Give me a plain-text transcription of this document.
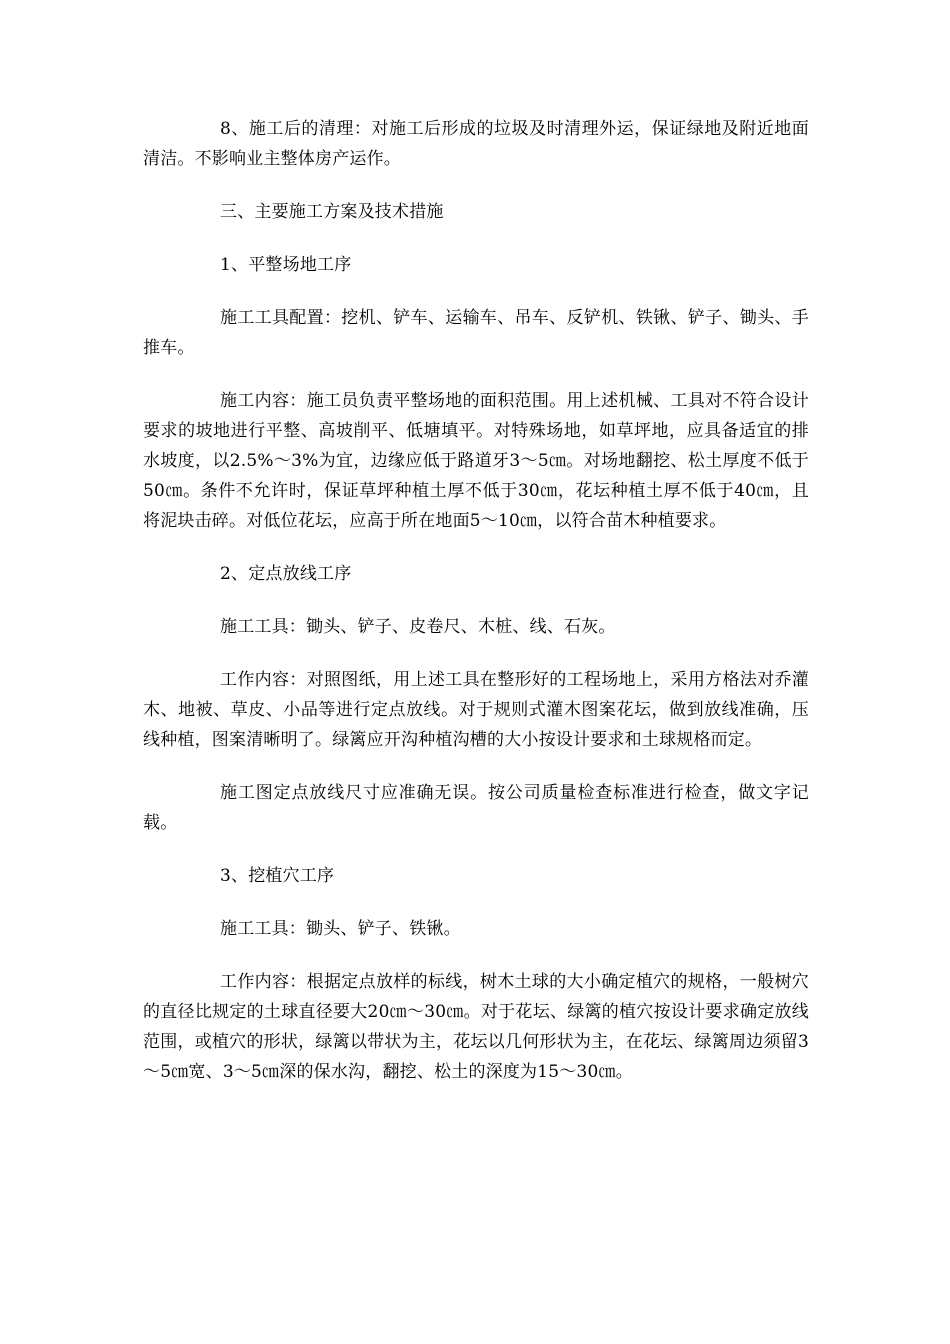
8、施工后的清理：对施工后形成的垃圾及时清理外运，保证绿地及附近地面清洁。不影响业主整体房产运作。

三、主要施工方案及技术措施

1、平整场地工序

施工工具配置：挖机、铲车、运输车、吊车、反铲机、铁锹、铲子、锄头、手推车。

施工内容：施工员负责平整场地的面积范围。用上述机械、工具对不符合设计要求的坡地进行平整、高坡削平、低塘填平。对特殊场地，如草坪地，应具备适宜的排水坡度，以2.5%～3%为宜，边缘应低于路道牙3～5㎝。对场地翻挖、松土厚度不低于50㎝。条件不允许时，保证草坪种植土厚不低于30㎝，花坛种植土厚不低于40㎝，且将泥块击碎。对低位花坛，应高于所在地面5～10㎝，以符合苗木种植要求。

2、定点放线工序

施工工具：锄头、铲子、皮卷尺、木桩、线、石灰。

工作内容：对照图纸，用上述工具在整形好的工程场地上，采用方格法对乔灌木、地被、草皮、小品等进行定点放线。对于规则式灌木图案花坛，做到放线准确，压线种植，图案清晰明了。绿篱应开沟种植沟槽的大小按设计要求和土球规格而定。

施工图定点放线尺寸应准确无误。按公司质量检查标准进行检查，做文字记载。

3、挖植穴工序

施工工具：锄头、铲子、铁锹。

工作内容：根据定点放样的标线，树木土球的大小确定植穴的规格，一般树穴的直径比规定的土球直径要大20㎝～30㎝。对于花坛、绿篱的植穴按设计要求确定放线范围，或植穴的形状，绿篱以带状为主，花坛以几何形状为主，在花坛、绿篱周边须留3～5㎝宽、3～5㎝深的保水沟，翻挖、松土的深度为15～30㎝。
